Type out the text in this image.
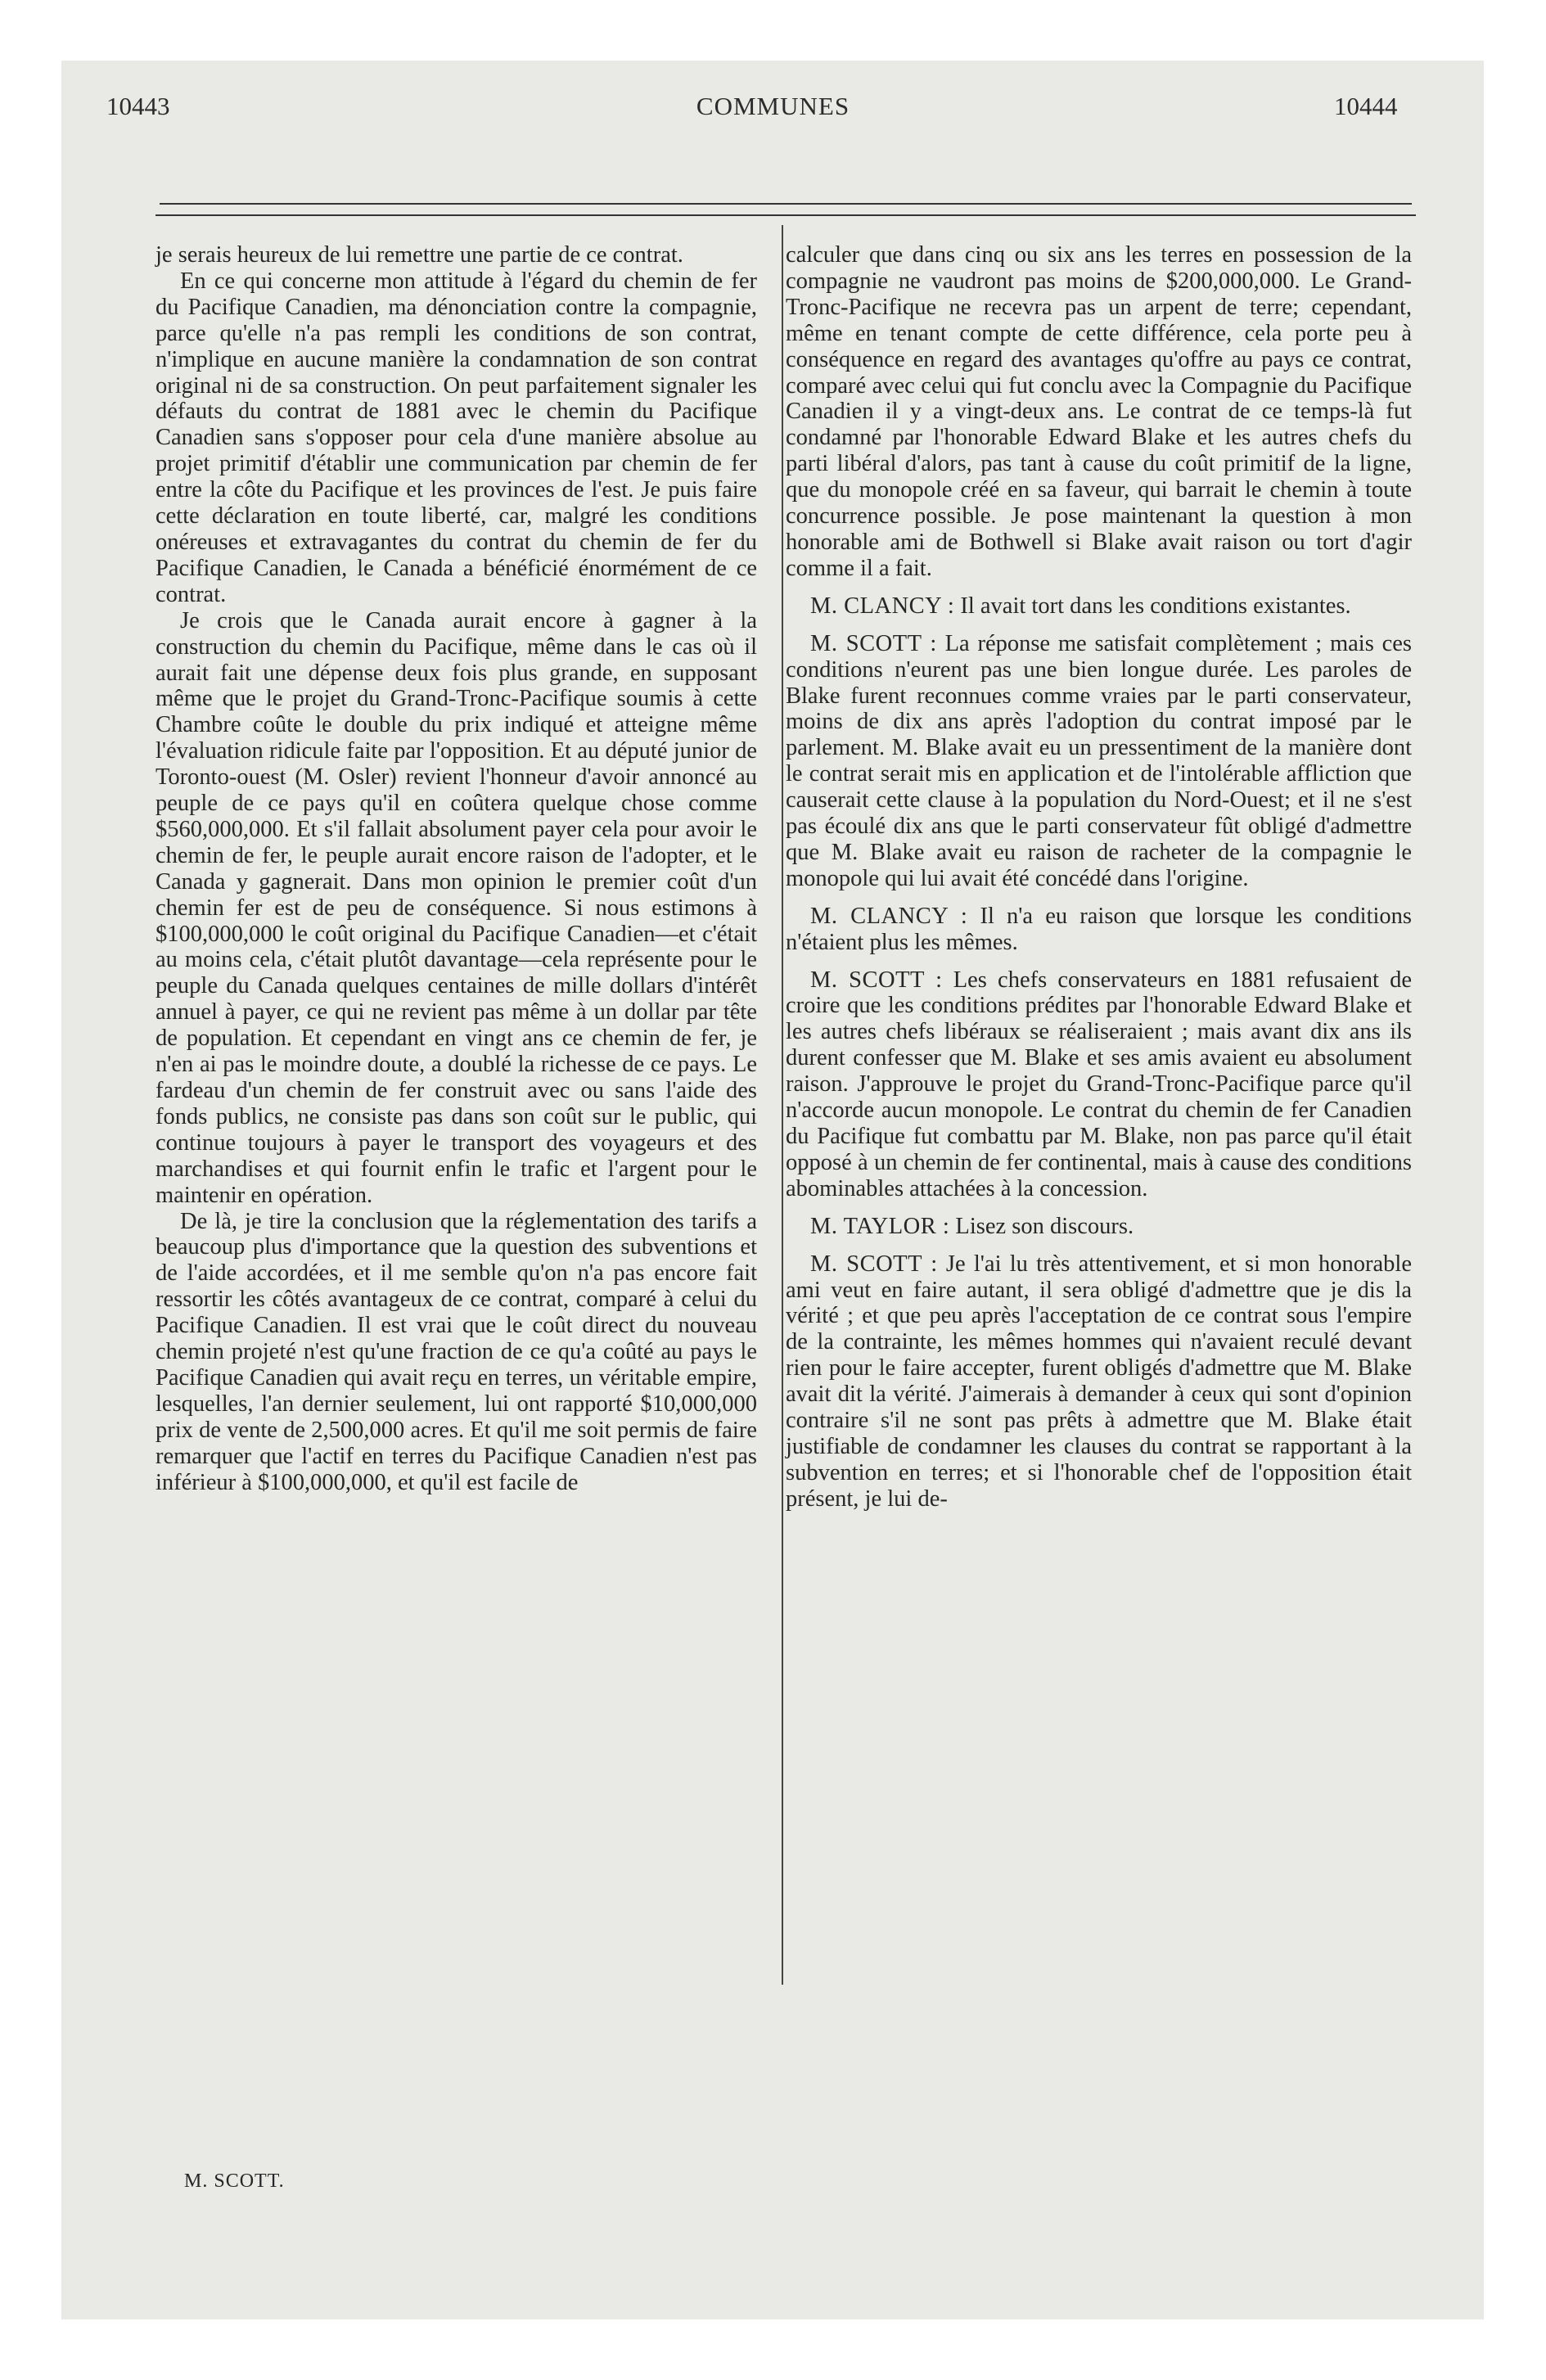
10443	COMMUNES	10444

je serais heureux de lui remettre une partie de ce contrat.

En ce qui concerne mon attitude à l'égard du chemin de fer du Pacifique Canadien, ma dénonciation contre la compagnie, parce qu'elle n'a pas rempli les conditions de son contrat, n'implique en aucune manière la condamnation de son contrat original ni de sa construction. On peut parfaitement signaler les défauts du contrat de 1881 avec le chemin du Pacifique Canadien sans s'opposer pour cela d'une manière absolue au projet primitif d'établir une communication par chemin de fer entre la côte du Pacifique et les provinces de l'est. Je puis faire cette déclaration en toute liberté, car, malgré les conditions onéreuses et extravagantes du contrat du chemin de fer du Pacifique Canadien, le Canada a bénéficié énormément de ce contrat.

Je crois que le Canada aurait encore à gagner à la construction du chemin du Pacifique, même dans le cas où il aurait fait une dépense deux fois plus grande, en supposant même que le projet du Grand-Tronc-Pacifique soumis à cette Chambre coûte le double du prix indiqué et atteigne même l'évaluation ridicule faite par l'opposition. Et au député junior de Toronto-ouest (M. Osler) revient l'honneur d'avoir annoncé au peuple de ce pays qu'il en coûtera quelque chose comme $560,000,000. Et s'il fallait absolument payer cela pour avoir le chemin de fer, le peuple aurait encore raison de l'adopter, et le Canada y gagnerait. Dans mon opinion le premier coût d'un chemin fer est de peu de conséquence. Si nous estimons à $100,000,000 le coût original du Pacifique Canadien—et c'était au moins cela, c'était plutôt davantage—cela représente pour le peuple du Canada quelques centaines de mille dollars d'intérêt annuel à payer, ce qui ne revient pas même à un dollar par tête de population. Et cependant en vingt ans ce chemin de fer, je n'en ai pas le moindre doute, a doublé la richesse de ce pays. Le fardeau d'un chemin de fer construit avec ou sans l'aide des fonds publics, ne consiste pas dans son coût sur le public, qui continue toujours à payer le transport des voyageurs et des marchandises et qui fournit enfin le trafic et l'argent pour le maintenir en opération.

De là, je tire la conclusion que la réglementation des tarifs a beaucoup plus d'importance que la question des subventions et de l'aide accordées, et il me semble qu'on n'a pas encore fait ressortir les côtés avantageux de ce contrat, comparé à celui du Pacifique Canadien. Il est vrai que le coût direct du nouveau chemin projeté n'est qu'une fraction de ce qu'a coûté au pays le Pacifique Canadien qui avait reçu en terres, un véritable empire, lesquelles, l'an dernier seulement, lui ont rapporté $10,000,000 prix de vente de 2,500,000 acres. Et qu'il me soit permis de faire remarquer que l'actif en terres du Pacifique Canadien n'est pas inférieur à $100,000,000, et qu'il est facile de

M. SCOTT.

calculer que dans cinq ou six ans les terres en possession de la compagnie ne vaudront pas moins de $200,000,000. Le Grand-Tronc-Pacifique ne recevra pas un arpent de terre; cependant, même en tenant compte de cette différence, cela porte peu à conséquence en regard des avantages qu'offre au pays ce contrat, comparé avec celui qui fut conclu avec la Compagnie du Pacifique Canadien il y a vingt-deux ans. Le contrat de ce temps-là fut condamné par l'honorable Edward Blake et les autres chefs du parti libéral d'alors, pas tant à cause du coût primitif de la ligne, que du monopole créé en sa faveur, qui barrait le chemin à toute concurrence possible. Je pose maintenant la question à mon honorable ami de Bothwell si Blake avait raison ou tort d'agir comme il a fait.

M. CLANCY : Il avait tort dans les conditions existantes.

M. SCOTT : La réponse me satisfait complètement ; mais ces conditions n'eurent pas une bien longue durée. Les paroles de Blake furent reconnues comme vraies par le parti conservateur, moins de dix ans après l'adoption du contrat imposé par le parlement. M. Blake avait eu un pressentiment de la manière dont le contrat serait mis en application et de l'intolérable affliction que causerait cette clause à la population du Nord-Ouest; et il ne s'est pas écoulé dix ans que le parti conservateur fût obligé d'admettre que M. Blake avait eu raison de racheter de la compagnie le monopole qui lui avait été concédé dans l'origine.

M. CLANCY : Il n'a eu raison que lorsque les conditions n'étaient plus les mêmes.

M. SCOTT : Les chefs conservateurs en 1881 refusaient de croire que les conditions prédites par l'honorable Edward Blake et les autres chefs libéraux se réaliseraient ; mais avant dix ans ils durent confesser que M. Blake et ses amis avaient eu absolument raison. J'approuve le projet du Grand-Tronc-Pacifique parce qu'il n'accorde aucun monopole. Le contrat du chemin de fer Canadien du Pacifique fut combattu par M. Blake, non pas parce qu'il était opposé à un chemin de fer continental, mais à cause des conditions abominables attachées à la concession.

M. TAYLOR : Lisez son discours.

M. SCOTT : Je l'ai lu très attentivement, et si mon honorable ami veut en faire autant, il sera obligé d'admettre que je dis la vérité ; et que peu après l'acceptation de ce contrat sous l'empire de la contrainte, les mêmes hommes qui n'avaient reculé devant rien pour le faire accepter, furent obligés d'admettre que M. Blake avait dit la vérité. J'aimerais à demander à ceux qui sont d'opinion contraire s'il ne sont pas prêts à admettre que M. Blake était justifiable de condamner les clauses du contrat se rapportant à la subvention en terres; et si l'honorable chef de l'opposition était présent, je lui de-
